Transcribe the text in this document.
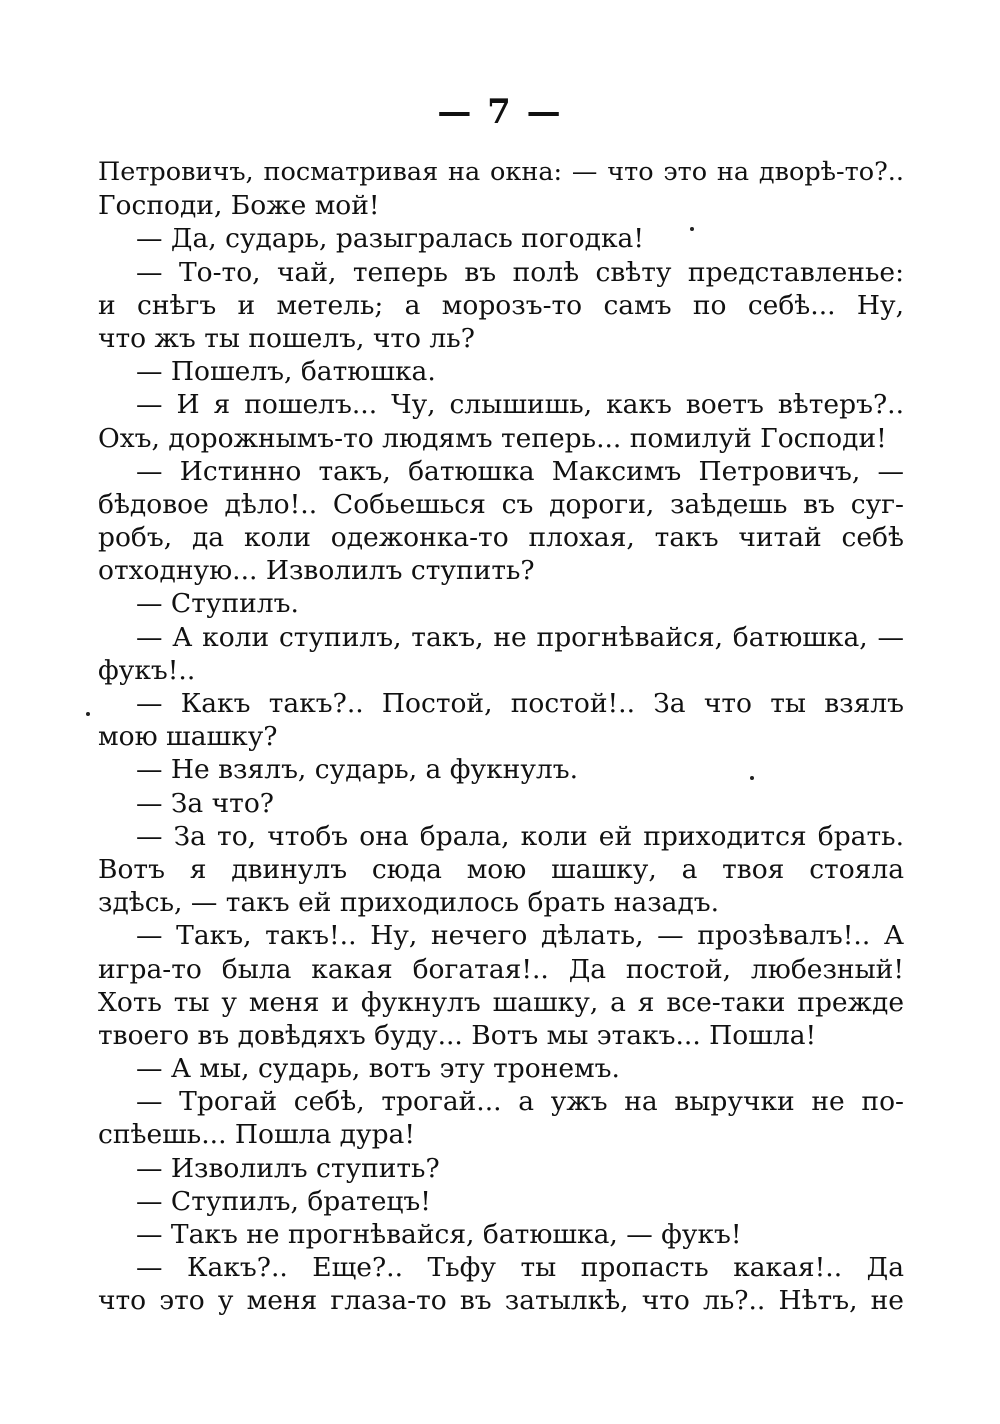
— 7 —
Петровичъ, посматривая на окна: — что это на дворѣ-то?..
Господи, Боже мой!
— Да, сударь, разыгралась погодка!
— То-то, чай, теперь въ полѣ свѣту представленье:
и снѣгъ и метель; а морозъ-то самъ по себѣ... Ну,
что жъ ты пошелъ, что ль?
— Пошелъ, батюшка.
— И я пошелъ... Чу, слышишь, какъ воетъ вѣтеръ?..
Охъ, дорожнымъ-то людямъ теперь... помилуй Господи!
— Истинно такъ, батюшка Максимъ Петровичъ, —
бѣдовое дѣло!.. Собьешься съ дороги, заѣдешь въ суг-
робъ, да коли одежонка-то плохая, такъ читай себѣ
отходную... Изволилъ ступить?
— Ступилъ.
— А коли ступилъ, такъ, не прогнѣвайся, батюшка, —
фукъ!..
— Какъ такъ?.. Постой, постой!.. За что ты взялъ
мою шашку?
— Не взялъ, сударь, а фукнулъ.
— За что?
— За то, чтобъ она брала, коли ей приходится брать.
Вотъ я двинулъ сюда мою шашку, а твоя стояла
здѣсь, — такъ ей приходилось брать назадъ.
— Такъ, такъ!.. Ну, нечего дѣлать, — прозѣвалъ!.. А
игра-то была какая богатая!.. Да постой, любезный!
Хоть ты у меня и фукнулъ шашку, а я все-таки прежде
твоего въ довѣдяхъ буду... Вотъ мы этакъ... Пошла!
— А мы, сударь, вотъ эту тронемъ.
— Трогай себѣ, трогай... а ужъ на выручки не по-
спѣешь... Пошла дура!
— Изволилъ ступить?
— Ступилъ, братецъ!
— Такъ не прогнѣвайся, батюшка, — фукъ!
— Какъ?.. Еще?.. Тьфу ты пропасть какая!.. Да
что это у меня глаза-то въ затылкѣ, что ль?.. Нѣтъ, не
